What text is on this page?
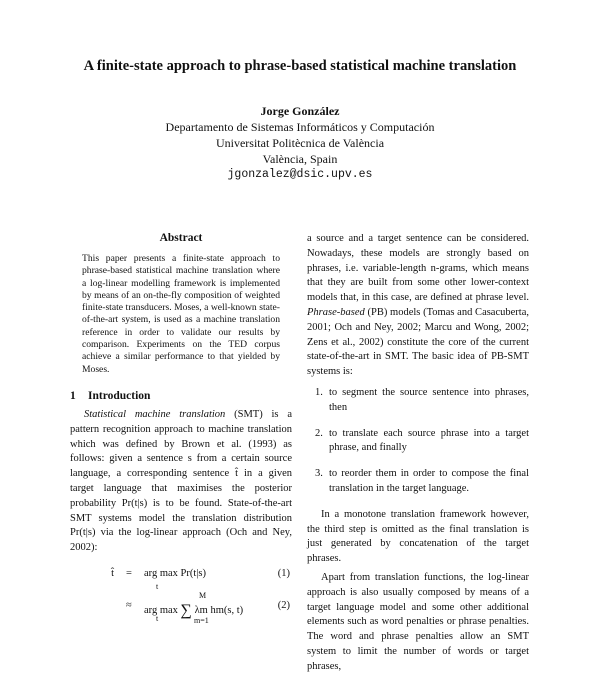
A finite-state approach to phrase-based statistical machine translation
Jorge González
Departamento de Sistemas Informáticos y Computación
Universitat Politècnica de València
València, Spain
jgonzalez@dsic.upv.es
Abstract
This paper presents a finite-state approach to phrase-based statistical machine translation where a log-linear modelling framework is implemented by means of an on-the-fly composition of weighted finite-state transducers. Moses, a well-known state-of-the-art system, is used as a machine translation reference in order to validate our results by comparison. Experiments on the TED corpus achieve a similar performance to that yielded by Moses.
1 Introduction

Statistical machine translation (SMT) is a pattern recognition approach to machine translation which was defined by Brown et al. (1993) as follows: given a sentence s from a certain source language, a corresponding sentence t̂ in a given target language that maximises the posterior probability Pr(t|s) is to be found. State-of-the-art SMT systems model the translation distribution Pr(t|s) via the log-linear approach (Och and Ney, 2002):

t̂ = arg max
t
Pr(t|s)	(1)
≈ arg max
t ∑
M
m=1
λm hm(s, t)	(2)

a source and a target sentence can be considered. Nowadays, these models are strongly based on phrases, i.e. variable-length n-grams, which means that they are built from some other lower-context models that, in this case, are defined at phrase level. Phrase-based (PB) models (Tomas and Casacuberta, 2001; Och and Ney, 2002; Marcu and Wong, 2002; Zens et al., 2002) constitute the core of the current state-of-the-art in SMT. The basic idea of PB-SMT systems is:

1. to segment the source sentence into phrases, then
2. to translate each source phrase into a target phrase, and finally
3. to reorder them in order to compose the final translation in the target language.

In a monotone translation framework however, the third step is omitted as the final translation is just generated by concatenation of the target phrases.

Apart from translation functions, the log-linear approach is also usually composed by means of a target language model and some other additional elements such as word penalties or phrase penalties. The word and phrase penalties allow an SMT system to limit the number of words or target phrases,
